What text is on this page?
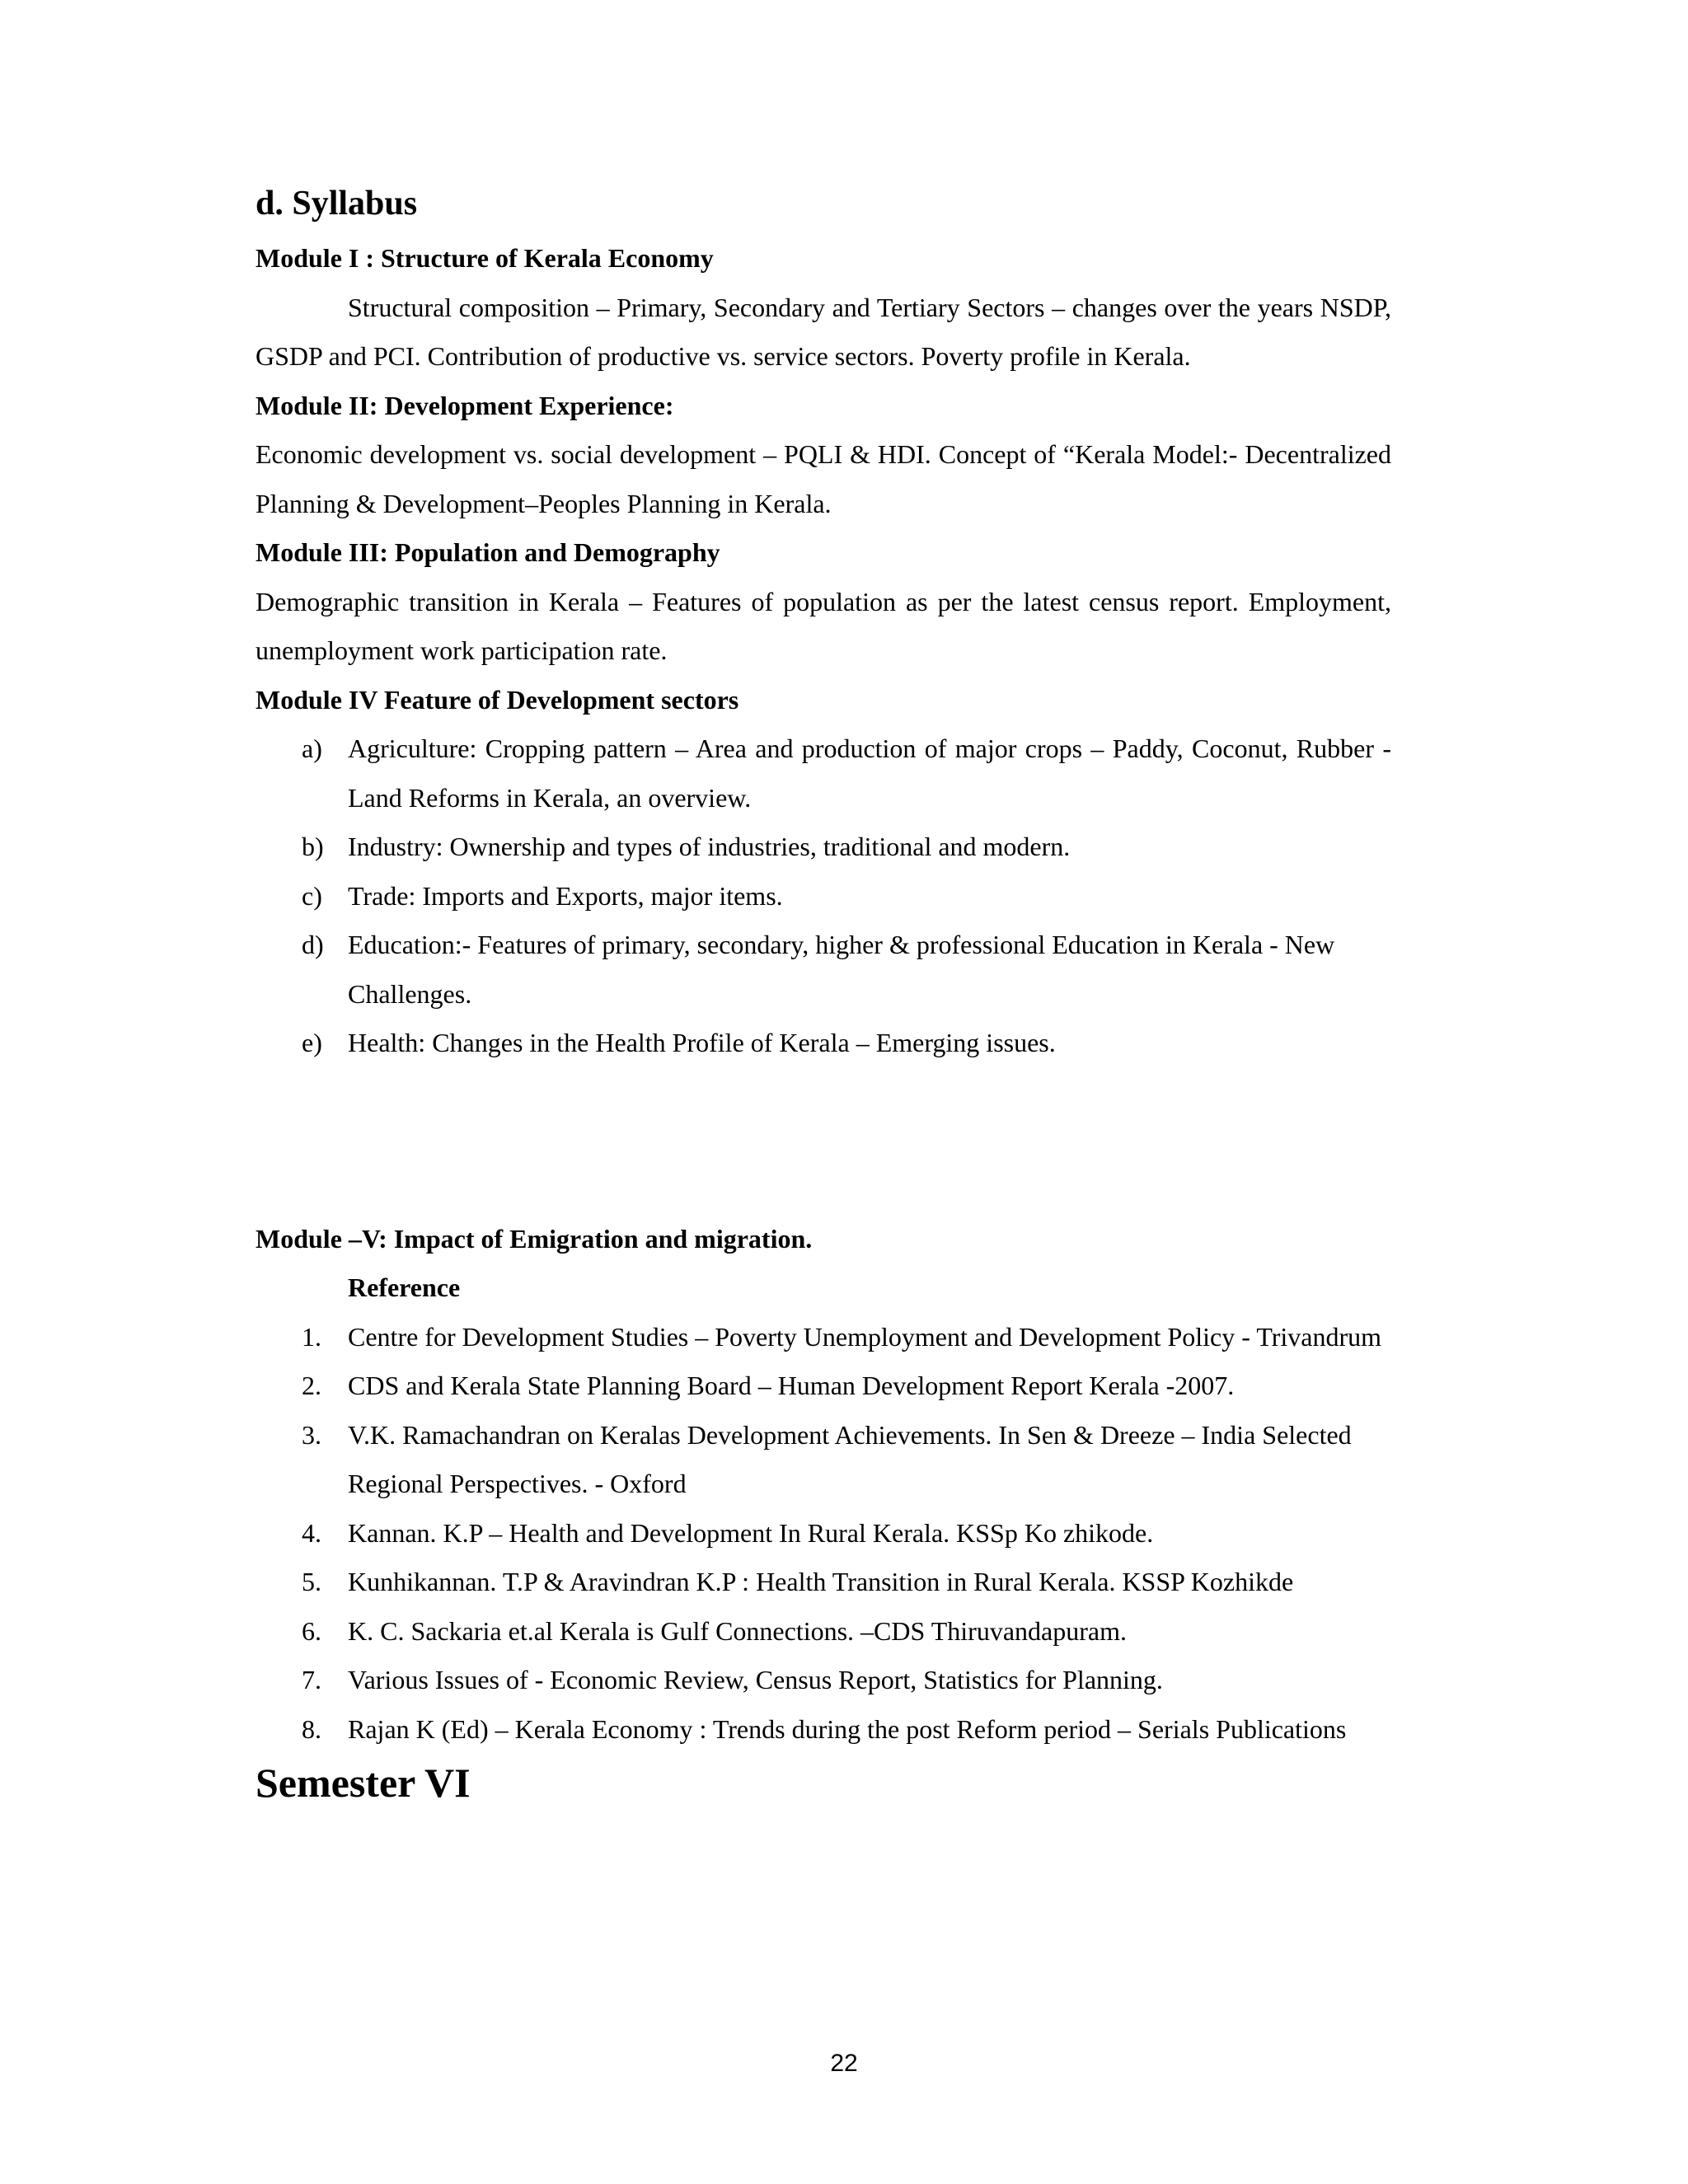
d. Syllabus

Module I : Structure of Kerala Economy

Structural composition – Primary, Secondary and Tertiary Sectors – changes over the years NSDP, GSDP and PCI. Contribution of productive vs. service sectors. Poverty profile in Kerala.

Module II: Development Experience:

Economic development vs. social development – PQLI & HDI. Concept of “Kerala Model:- Decentralized Planning & Development–Peoples Planning in Kerala.

Module III: Population and Demography

Demographic transition in Kerala – Features of population as per the latest census report. Employment, unemployment work participation rate.

Module IV Feature of Development sectors

a) Agriculture: Cropping pattern – Area and production of major crops – Paddy, Coconut, Rubber - Land Reforms in Kerala, an overview.
b) Industry: Ownership and types of industries, traditional and modern.
c) Trade: Imports and Exports, major items.
d) Education:- Features of primary, secondary, higher & professional Education in Kerala - New Challenges.
e) Health: Changes in the Health Profile of Kerala – Emerging issues.

Module –V: Impact of Emigration and migration.

Reference

1. Centre for Development Studies – Poverty Unemployment and Development Policy - Trivandrum
2. CDS and Kerala State Planning Board – Human Development Report Kerala -2007.
3. V.K. Ramachandran on Keralas Development Achievements. In Sen & Dreeze – India Selected Regional Perspectives. - Oxford
4. Kannan. K.P – Health and Development In Rural Kerala. KSSp Ko zhikode.
5. Kunhikannan. T.P & Aravindran K.P : Health Transition in Rural Kerala. KSSP Kozhikde
6. K. C. Sackaria et.al Kerala is Gulf Connections. –CDS Thiruvandapuram.
7. Various Issues of - Economic Review, Census Report, Statistics for Planning.
8. Rajan K (Ed) – Kerala Economy : Trends during the post Reform period – Serials Publications
Semester VI
22
